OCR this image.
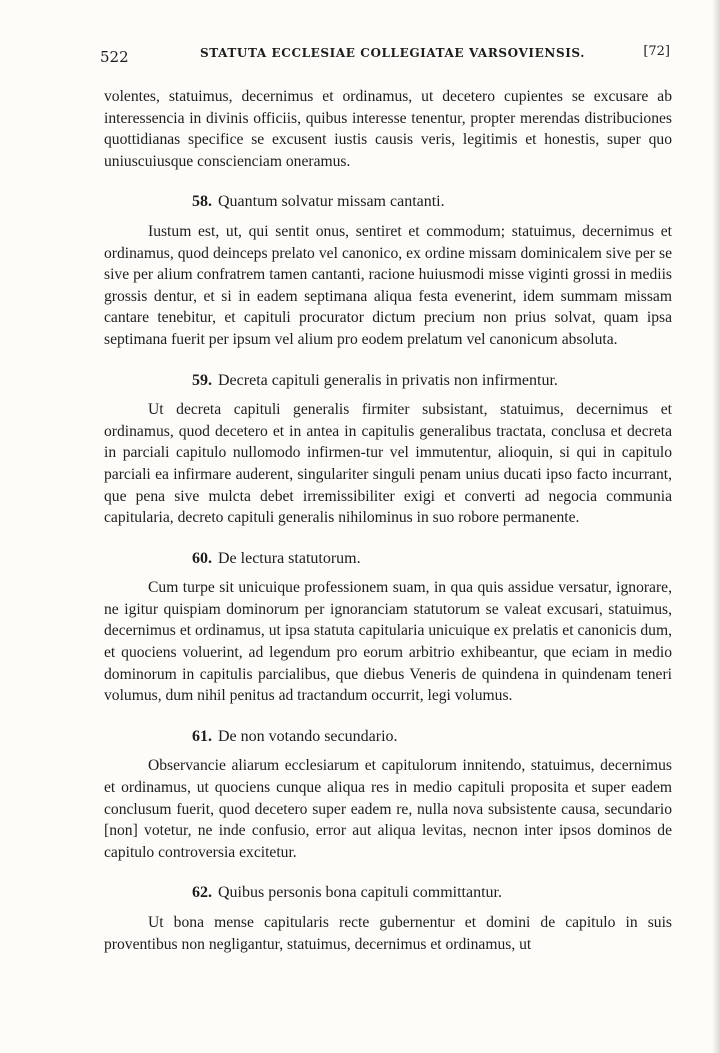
522	STATUTA ECCLESIAE COLLEGIATAE VARSOVIENSIS.	[72]

volentes, statuimus, decernimus et ordinamus, ut decetero cupientes se excusare ab interessencia in divinis officiis, quibus interesse tenentur, propter merendas distribuciones quottidianas specifice se excusent iustis causis veris, legitimis et honestis, super quo uniuscuiusque conscienciam oneramus.

58. Quantum solvatur missam cantanti.

Iustum est, ut, qui sentit onus, sentiret et commodum; statuimus, decernimus et ordinamus, quod deinceps prelato vel canonico, ex ordine missam dominicalem sive per se sive per alium confratrem tamen cantanti, racione huiusmodi misse viginti grossi in mediis grossis dentur, et si in eadem septimana aliqua festa evenerint, idem summam missam cantare tenebitur, et capituli procurator dictum precium non prius solvat, quam ipsa septimana fuerit per ipsum vel alium pro eodem prelatum vel canonicum absoluta.

59. Decreta capituli generalis in privatis non infirmentur.

Ut decreta capituli generalis firmiter subsistant, statuimus, decernimus et ordinamus, quod decetero et in antea in capitulis generalibus tractata, conclusa et decreta in parciali capitulo nullomodo infirmen-tur vel immutentur, alioquin, si qui in capitulo parciali ea infirmare auderent, singulariter singuli penam unius ducati ipso facto incurrant, que pena sive mulcta debet irremissibiliter exigi et converti ad negocia communia capitularia, decreto capituli generalis nihilominus in suo robore permanente.

60. De lectura statutorum.

Cum turpe sit unicuique professionem suam, in qua quis assidue versatur, ignorare, ne igitur quispiam dominorum per ignoranciam statutorum se valeat excusari, statuimus, decernimus et ordinamus, ut ipsa statuta capitularia unicuique ex prelatis et canonicis dum, et quociens voluerint, ad legendum pro eorum arbitrio exhibeantur, que eciam in medio dominorum in capitulis parcialibus, que diebus Veneris de quindena in quindenam teneri volumus, dum nihil penitus ad tractandum occurrit, legi volumus.

61. De non votando secundario.

Observancie aliarum ecclesiarum et capitulorum innitendo, statuimus, decernimus et ordinamus, ut quociens cunque aliqua res in medio capituli proposita et super eadem conclusum fuerit, quod decetero super eadem re, nulla nova subsistente causa, secundario [non] votetur, ne inde confusio, error aut aliqua levitas, necnon inter ipsos dominos de capitulo controversia excitetur.

62. Quibus personis bona capituli committantur.

Ut bona mense capitularis recte gubernentur et domini de capitulo in suis proventibus non negligantur, statuimus, decernimus et ordinamus, ut
